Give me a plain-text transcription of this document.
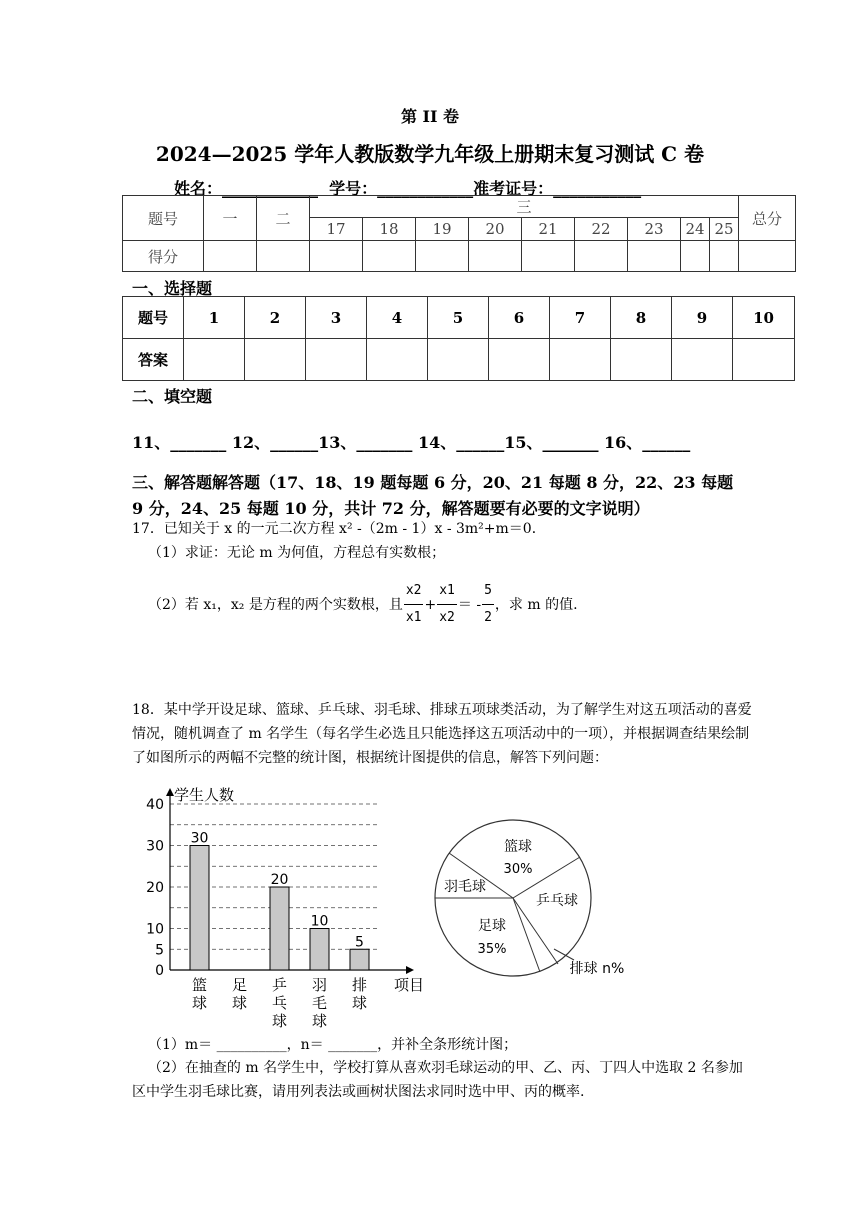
第 II 卷
2024—2025 学年人教版数学九年级上册期末复习测试 C 卷
姓名：____________  学号：____________准考证号：___________
题号	一	二	三									总分
			17	18	19	20	21	22	23	24	25	
得分												
一、选择题
题号	1	2	3	4	5	6	7	8	9	10
答案										
二、填空题
11、_______ 12、______13、_______ 14、______15、_______ 16、______
三、解答题解答题（17、18、19 题每题 6 分，20、21 每题 8 分，22、23 每题 9 分，24、25 每题 10 分，共计 72 分，解答题要有必要的文字说明）
17．已知关于 x 的一元二次方程 x² -（2m - 1）x - 3m²+m＝0．
（1）求证：无论 m 为何值，方程总有实数根；
（2）若 x₁，x₂ 是方程的两个实数根，且 $\frac{x2}{x1} + \frac{x1}{x2}$ ＝ - $\frac{5}{2}$ ，求 m 的值.
18．某中学开设足球、篮球、乒乓球、羽毛球、排球五项球类活动，为了解学生对这五项活动的喜爱情况，随机调查了 m 名学生（每名学生必选且只能选择这五项活动中的一项），并根据调查结果绘制了如图所示的两幅不完整的统计图，根据统计图提供的信息，解答下列问题：
学生人数
0
5
10
20
30
40
30
篮
球
足
球
20
乒
乓
球
10
羽
毛
球
5
排
球
项目
篮球
30%
乒乓球
羽毛球
足球
35%
排球 n%
（1）m＝ __________，n＝ _______，并补全条形统计图；
（2）在抽查的 m 名学生中，学校打算从喜欢羽毛球运动的甲、乙、丙、丁四人中选取 2 名参加区中学生羽毛球比赛，请用列表法或画树状图法求同时选中甲、丙的概率.
